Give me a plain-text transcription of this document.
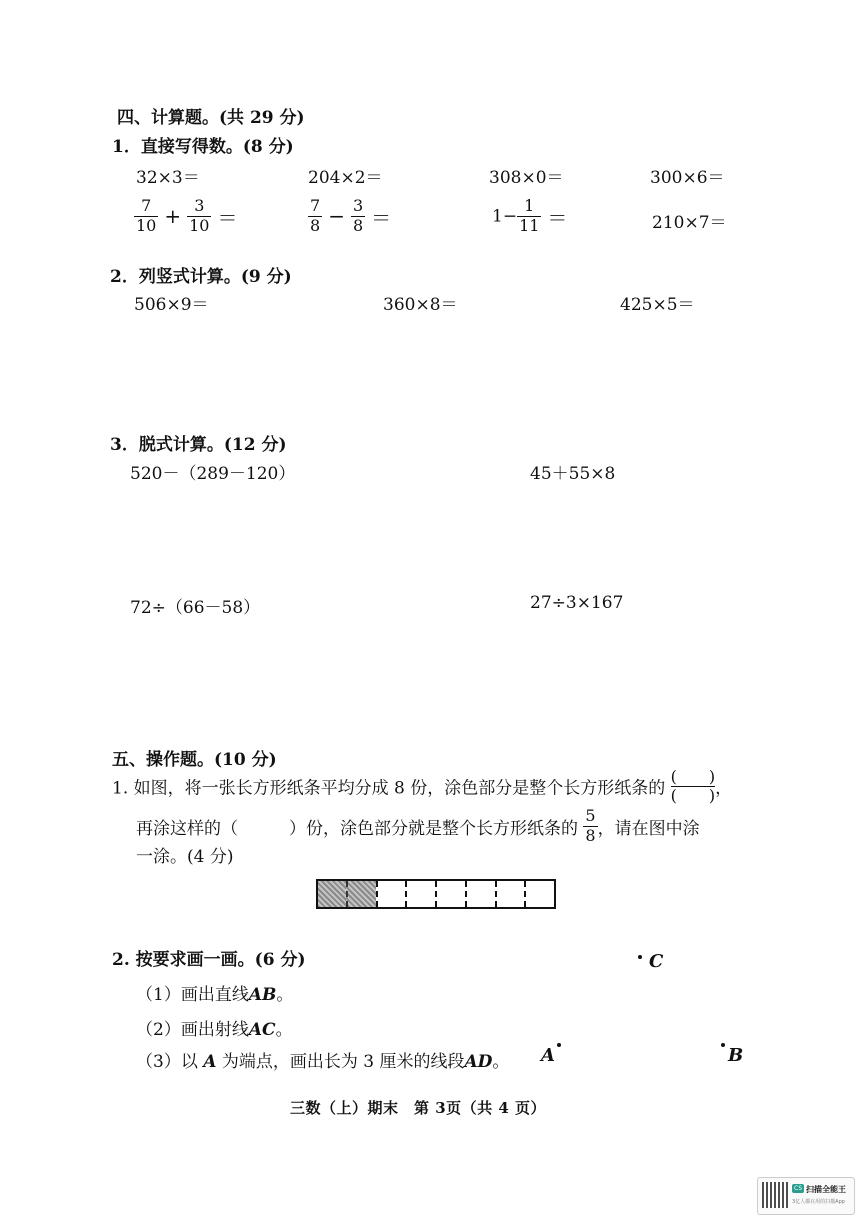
四、计算题。(共 29 分)
1．直接写得数。(8 分)
32×3＝	204×2＝	308×0＝	300×6＝
$\frac{7}{10} + \frac{3}{10}$ ＝	$\frac{7}{8} - \frac{3}{8}$ ＝	$1- \frac{1}{11}$ ＝	210×7＝
2．列竖式计算。(9 分)
506×9＝	360×8＝	425×5＝
3．脱式计算。(12 分)
520－（289－120）	45＋55×8
72÷（66－58）	27÷3×167
五、操作题。(10 分)
1. 如图，将一张长方形纸条平均分成 8 份，涂色部分是整个长方形纸条的
(　　)
(　　) ，
再涂这样的（　　　）份，涂色部分就是整个长方形纸条的 $\frac{5}{8}$ ，请在图中涂
一涂。(4 分)
2. 按要求画一画。(6 分)
（1）画出直线AB。
（2）画出射线AC。
（3）以 A 为端点，画出长为 3 厘米的线段AD。
C
A	B
三数（上）期末　第 3页（共 4 页）
CS 扫描全能王
3亿人都在用的扫描App
